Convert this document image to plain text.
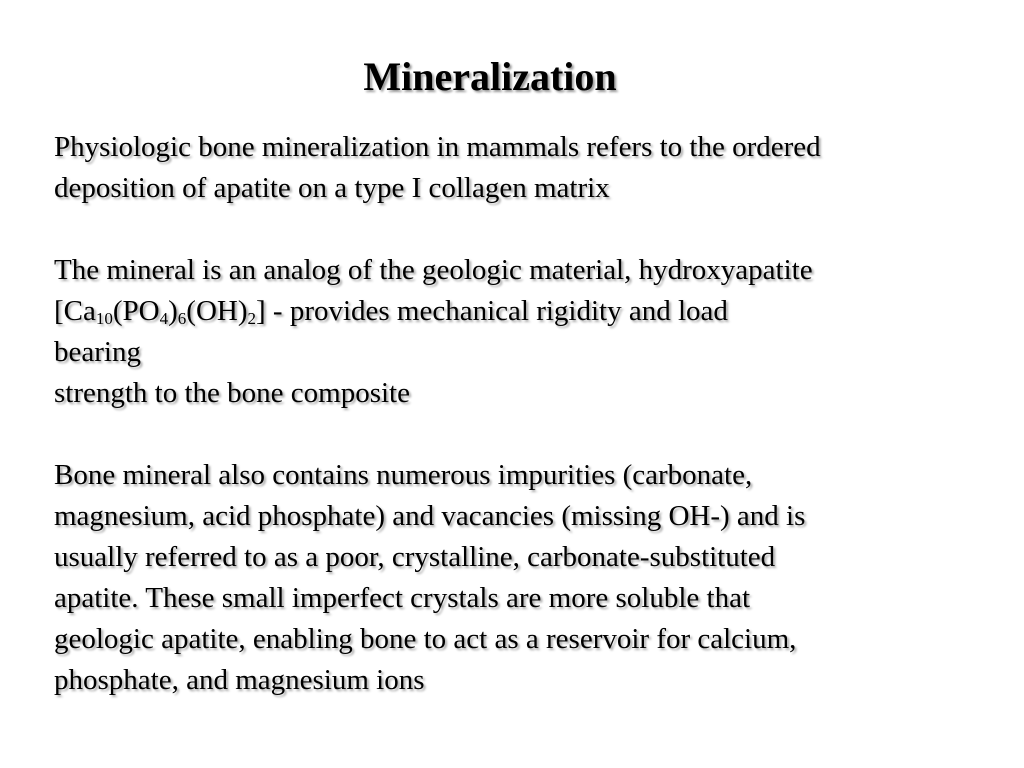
Mineralization
Physiologic bone mineralization in mammals refers to the ordered
deposition of apatite on a type I collagen matrix
The mineral is an analog of the geologic material, hydroxyapatite
$[Ca_{10}(PO_4)_6(OH)_2]$ - provides mechanical rigidity and load
bearing
strength to the bone composite
Bone mineral also contains numerous impurities (carbonate,
magnesium, acid phosphate) and vacancies (missing OH-) and is
usually referred to as a poor, crystalline, carbonate-substituted
apatite. These small imperfect crystals are more soluble that
geologic apatite, enabling bone to act as a reservoir for calcium,
phosphate, and magnesium ions
